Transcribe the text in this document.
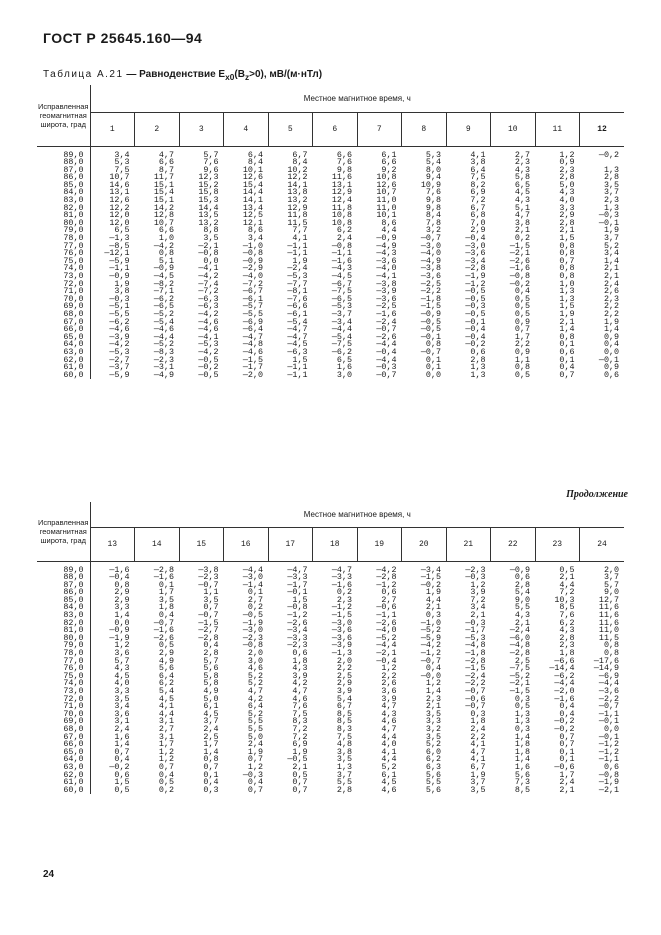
ГОСТ Р 25645.160—94
Таблица А.21 — Равноденствие $E_{x0}(B_z>0)$, мВ/(м·нТл)
Исправленная геомагнитная широта, град	Местное магнитное время, ч											
	1	2	3	4	5	6	7	8	9	10	11	12
89,0	3,4	4,7	5,7	6,4	6,7	6,6	6,1	5,3	4,1	2,7	1,2	—0,2
88,0	5,3	6,6	7,6	8,4	8,4	7,6	6,6	5,4	3,8	2,3	0,9	
87,0	7,5	8,7	9,6	10,1	10,2	9,8	9,2	8,0	6,4	4,3	2,3	1,3
86,0	10,7	11,7	12,3	12,6	12,2	11,6	10,8	9,4	7,5	5,8	2,8	2,8
85,0	14,6	15,1	15,2	15,4	14,1	13,1	12,6	10,9	8,2	6,5	5,0	3,5
84,0	13,1	15,4	15,8	14,4	13,8	12,9	10,7	7,6	6,9	4,5	4,3	3,7
83,0	12,6	15,1	15,3	14,1	13,2	12,4	11,0	9,8	7,2	4,3	4,0	2,3
82,0	12,2	14,2	14,4	13,4	12,9	11,8	11,0	9,8	6,7	5,1	3,3	1,3
81,0	12,0	12,8	13,5	12,5	11,8	10,8	10,1	8,4	6,8	4,7	2,9	—0,3
80,0	12,0	10,7	13,2	12,1	11,5	10,8	8,6	7,8	7,0	3,8	2,8	—0,1
79,0	6,5	6,6	8,8	8,6	7,7	6,2	4,4	3,2	2,9	2,1	2,1	1,9
78,0	—1,3	1,0	3,5	3,4	4,1	2,4	—0,9	—0,7	—0,4	0,2	1,5	3,7
77,0	—8,5	—4,2	—2,1	—1,0	—1,1	—0,8	—4,9	—3,0	—3,0	—1,5	0,8	5,2
76,0	—12,1	0,8	—0,8	—0,8	—1,1	—1,1	—4,3	—4,0	—3,6	—2,1	0,8	3,4
75,0	—5,9	5,1	0,0	—0,9	1,9	—1,6	—3,6	—4,9	—3,4	—2,6	0,7	1,4
74,0	—1,1	—0,9	—4,1	—2,9	—2,4	—4,3	—4,0	—3,8	—2,8	—1,6	0,8	2,1
73,0	—0,9	—4,5	—4,2	—4,0	—5,3	—4,5	—4,1	—3,6	—1,9	—0,8	0,8	2,1
72,0	1,9	—8,2	—7,4	—7,2	—7,7	—6,7	—3,8	—2,5	—1,2	—0,2	1,0	2,4
71,0	3,8	—7,1	—7,2	—6,7	—8,1	—7,5	—3,9	—2,2	—0,5	0,4	1,3	2,6
70,0	—0,3	—6,2	—6,3	—6,1	—7,6	—6,5	—3,6	—1,8	—0,5	0,5	1,3	2,3
69,0	—5,1	—6,5	—6,3	—5,7	—6,6	—5,3	—2,5	—1,5	—0,3	0,5	1,5	2,2
68,0	—5,5	—5,2	—4,2	—5,5	—6,1	—3,7	—1,6	—0,9	—0,5	0,5	1,9	2,2
67,0	—6,2	—5,4	—4,6	—6,9	—5,4	—3,4	—2,4	—0,5	—0,1	0,9	2,1	1,9
66,0	—4,6	—4,6	—4,6	—6,4	—4,7	—4,4	—0,7	—0,5	—0,4	0,7	1,4	1,4
65,0	—3,9	—4,4	—4,1	—4,7	—4,7	—5,4	—2,6	—0,1	—0,4	1,7	0,8	0,9
64,0	—4,2	—5,2	—5,3	—4,8	—4,5	—7,5	—4,4	0,8	—0,2	2,2	0,1	0,4
63,0	—5,3	—8,3	—4,2	—4,6	—6,3	—6,2	—0,4	—0,7	0,6	0,9	0,6	0,0
62,0	—2,7	—2,3	—0,5	—1,5	1,5	6,5	—4,4	0,1	2,8	1,1	0,1	—0,1
61,0	—3,7	—3,1	—0,2	—1,7	—1,1	1,6	—0,3	0,1	1,3	0,8	0,4	0,9
60,0	—5,9	—4,9	—0,5	—2,0	—1,1	3,0	—0,7	0,0	1,3	0,5	0,7	0,6
Продолжение
Исправленная геомагнитная широта, град	Местное магнитное время, ч											
	13	14	15	16	17	18	19	20	21	22	23	24
89,0	—1,6	—2,8	—3,8	—4,4	—4,7	—4,7	—4,2	—3,4	—2,3	—0,9	0,5	2,0
88,0	—0,4	—1,6	—2,3	—3,0	—3,3	—3,3	—2,8	—1,5	—0,3	0,6	2,1	3,7
87,0	0,8	0,1	—0,7	—1,4	—1,7	—1,6	—1,2	—0,2	1,2	2,8	4,4	5,7
86,0	2,9	1,7	1,1	0,1	—0,1	0,2	0,6	1,9	3,9	5,4	7,2	9,0
85,0	2,9	3,5	3,5	2,7	1,5	2,3	2,7	4,4	7,2	9,0	10,3	12,7
84,0	3,3	1,8	0,7	0,2	—0,8	—1,2	—0,6	2,1	3,4	5,5	8,5	11,6
83,0	1,4	0,4	—0,7	—0,5	—1,2	—1,5	—1,1	0,3	2,1	4,3	7,6	11,6
82,0	0,0	—0,7	—1,5	—1,9	—2,6	—3,0	—2,6	—1,0	—0,3	2,1	6,2	11,6
81,0	—0,9	—1,6	—2,7	—3,0	—3,4	—3,6	—4,0	—5,2	—1,7	—2,4	4,3	11,0
80,0	—1,9	—2,6	—2,8	—2,3	—3,3	—3,6	—5,2	—5,9	—5,3	—6,0	2,8	11,5
79,0	1,2	0,5	0,4	—0,8	—2,3	—3,9	—4,4	—4,2	—4,8	—4,8	2,3	0,8
78,0	3,6	2,9	2,8	2,0	0,6	—1,3	—2,1	—1,2	—1,8	—2,8	1,8	0,8
77,0	5,7	4,9	5,7	3,0	1,8	2,0	—0,4	—0,7	—2,8	2,5	—6,6	—17,6
76,0	4,3	5,6	5,6	4,6	4,3	2,2	1,2	0,4	—1,5	—7,5	—14,4	—14,9
75,0	4,5	6,4	5,8	5,2	3,9	2,5	2,2	—0,0	—2,4	—5,2	—6,2	—6,9
74,0	4,0	6,2	5,8	5,2	4,2	2,9	2,6	1,2	—2,2	—2,1	—4,4	—4,4
73,0	3,3	5,4	4,9	4,7	4,7	3,9	3,6	1,4	—0,7	—1,5	—2,0	—3,6
72,0	3,5	4,5	5,0	4,2	4,6	5,4	3,9	2,3	—0,6	0,3	—1,6	—2,2
71,0	3,4	4,1	6,1	6,4	7,6	6,7	4,7	2,1	—0,7	0,5	0,4	—0,7
70,0	3,6	4,4	4,5	5,2	7,5	8,5	4,3	3,5	0,3	1,3	0,4	—1,1
69,0	3,1	3,1	3,7	5,5	8,3	8,5	4,6	3,3	1,8	1,3	—0,2	—0,1
68,0	2,4	2,7	2,4	5,5	7,2	8,3	4,7	3,2	2,4	0,3	—0,2	0,0
67,0	1,6	3,1	2,5	5,0	7,2	7,5	4,4	3,5	2,2	1,4	0,7	—0,1
66,0	1,4	1,7	1,7	2,4	6,9	4,8	4,0	5,2	4,1	1,8	0,7	—1,2
65,0	0,7	1,2	1,4	1,9	1,9	3,8	4,1	6,0	4,7	1,8	0,1	—1,2
64,0	0,4	1,2	0,8	0,7	—0,5	3,5	4,4	6,2	4,1	1,4	0,1	—1,1
63,0	—0,2	0,7	0,7	1,2	2,1	1,3	5,2	6,3	6,7	1,6	—0,6	0,6
62,0	0,6	0,4	0,1	—0,3	0,5	3,7	6,1	5,6	1,9	5,6	1,7	—0,8
61,0	1,5	0,5	0,4	0,4	0,7	5,5	4,5	5,5	3,7	7,3	2,4	—1,9
60,0	0,5	0,2	0,3	0,7	0,7	2,8	4,6	5,6	3,5	8,5	2,1	—2,1
24
